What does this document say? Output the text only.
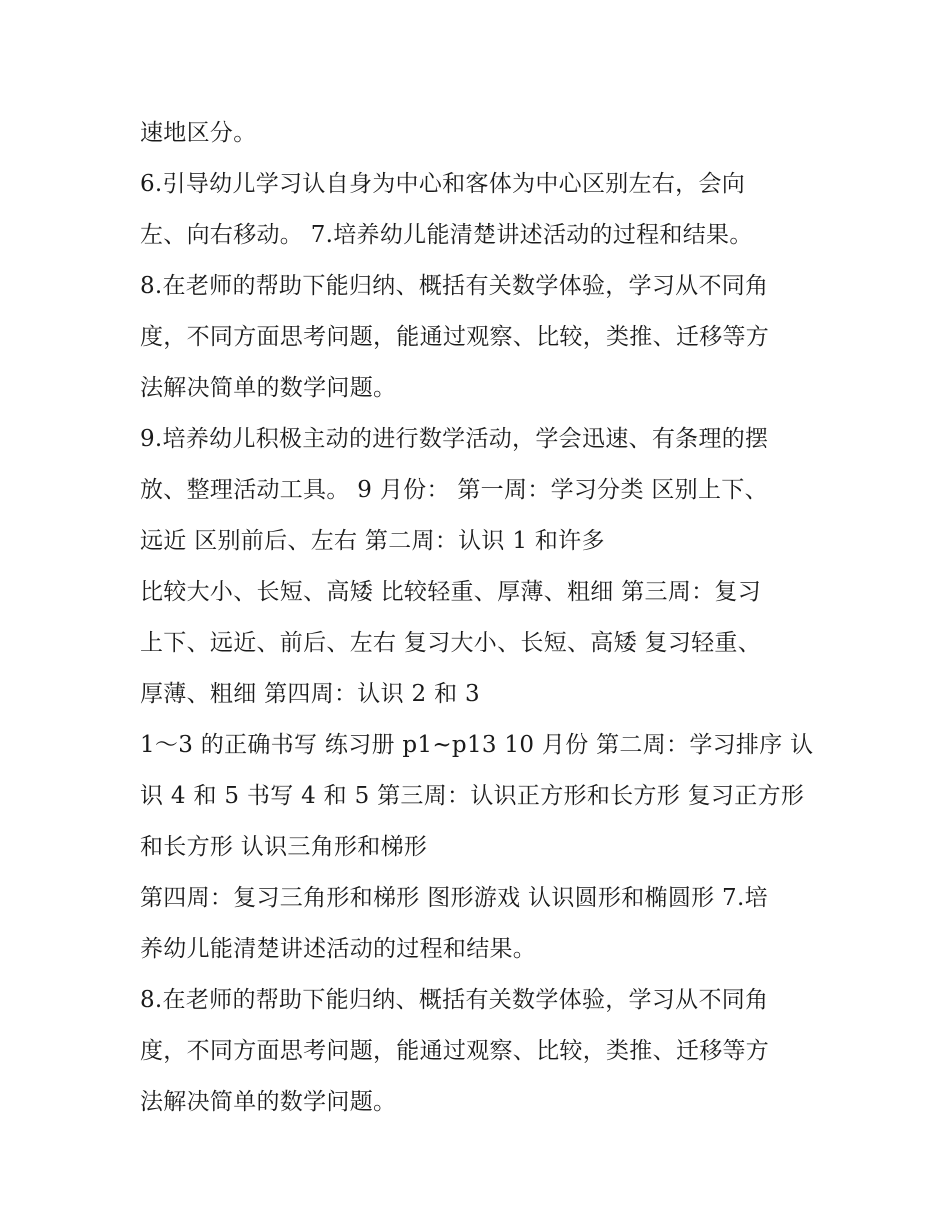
速地区分。
6.引导幼儿学习认自身为中心和客体为中心区别左右，会向
左、向右移动。 7.培养幼儿能清楚讲述活动的过程和结果。
8.在老师的帮助下能归纳、概括有关数学体验，学习从不同角
度，不同方面思考问题，能通过观察、比较，类推、迁移等方
法解决简单的数学问题。
9.培养幼儿积极主动的进行数学活动，学会迅速、有条理的摆
放、整理活动工具。 9 月份： 第一周：学习分类 区别上下、
远近 区别前后、左右 第二周：认识 1 和许多
比较大小、长短、高矮 比较轻重、厚薄、粗细 第三周：复习
上下、远近、前后、左右 复习大小、长短、高矮 复习轻重、
厚薄、粗细 第四周：认识 2 和 3
1～3 的正确书写 练习册 p1~p13 10 月份 第二周：学习排序 认
识 4 和 5 书写 4 和 5 第三周：认识正方形和长方形 复习正方形
和长方形 认识三角形和梯形
第四周：复习三角形和梯形 图形游戏 认识圆形和椭圆形 7.培
养幼儿能清楚讲述活动的过程和结果。
8.在老师的帮助下能归纳、概括有关数学体验，学习从不同角
度，不同方面思考问题，能通过观察、比较，类推、迁移等方
法解决简单的数学问题。
